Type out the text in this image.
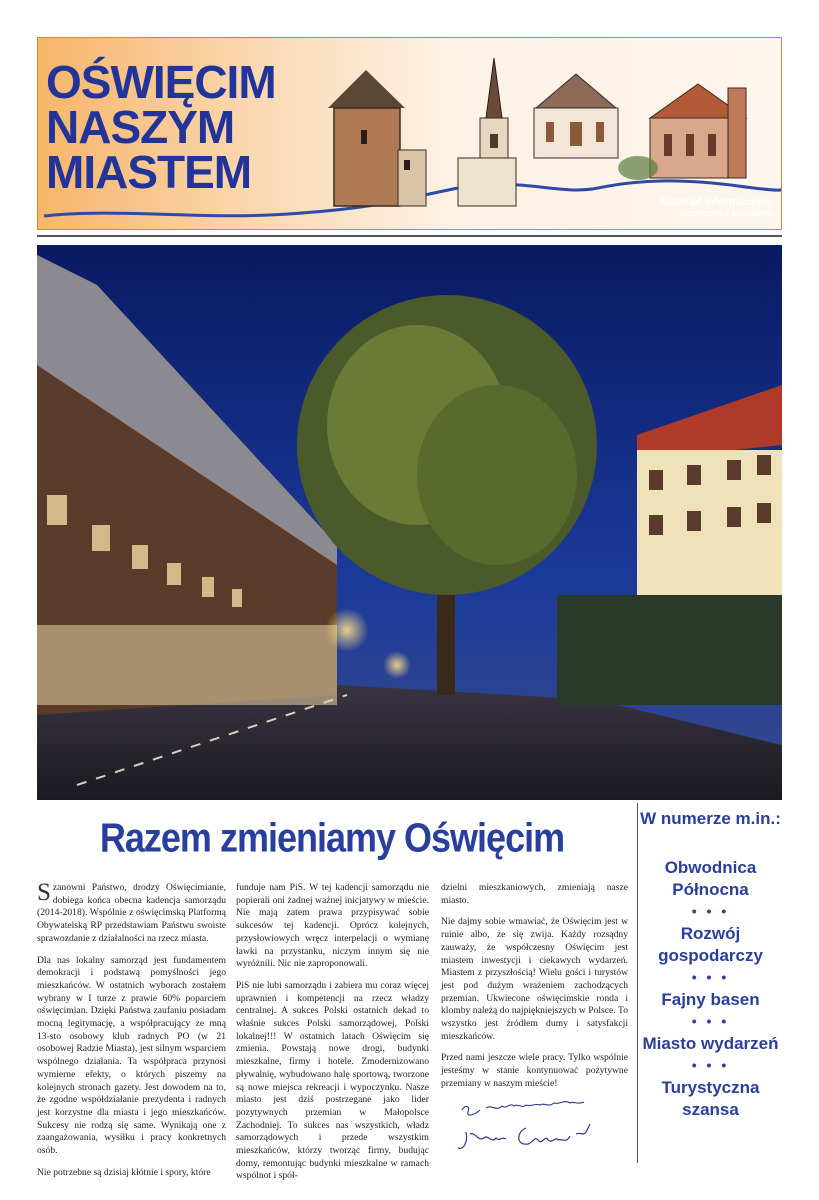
OŚWIĘCIM
NASZYM
MIASTEM
Materiał informacyjny
egzemplarz bezpłatny
Razem zmieniamy Oświęcim

Szanowni Państwo, drodzy Oświęcimianie, dobiega końca obecna kadencja samorządu (2014-2018). Wspólnie z oświęcimską Platformą Obywatelską RP przedstawiam Państwu swoiste sprawozdanie z działalności na rzecz miasta.

Dla nas lokalny samorząd jest fundamentem demokracji i podstawą pomyślności jego mieszkańców. W ostatnich wyborach zostałem wybrany w I turze z prawie 60% poparciem oświęcimian. Dzięki Państwa zaufaniu posiadam mocną legitymację, a współpracujący ze mną 13-sto osobowy klub radnych PO (w 21 osobowej Radzie Miasta), jest silnym wsparciem wspólnego działania. Ta współpraca przynosi wymierne efekty, o których piszemy na kolejnych stronach gazety. Jest dowodem na to, że zgodne współdziałanie prezydenta i radnych jest korzystne dla miasta i jego mieszkańców. Sukcesy nie rodzą się same. Wynikają one z zaangażowania, wysiłku i pracy konkretnych osób.

Nie potrzebne są dzisiaj kłótnie i spory, które

funduje nam PiS. W tej kadencji samorządu nie popierali oni żadnej ważnej inicjatywy w mieście. Nie mają zatem prawa przypisywać sobie sukcesów tej kadencji. Oprócz kolejnych, przysłowiowych wręcz interpelacji o wymianę ławki na przystanku, niczym innym się nie wyróżnili. Nic nie zaproponowali.

PiS nie lubi samorządu i zabiera mu coraz więcej uprawnień i kompetencji na rzecz władzy centralnej. A sukces Polski ostatnich dekad to właśnie sukces Polski samorządowej, Polski lokalnej!!! W ostatnich latach Oświęcim się zmienia. Powstają nowe drogi, budynki mieszkalne, firmy i hotele. Zmodernizowano pływalnię, wybudowano halę sportową, tworzone są nowe miejsca rekreacji i wypoczynku. Nasze miasto jest dziś postrzegane jako lider pozytywnych przemian w Małopolsce Zachodniej. To sukces nas wszystkich, władz samorządowych i przede wszystkim mieszkańców, którzy tworząc firmy, budując domy, remontując budynki mieszkalne w ramach wspólnot i spół-

dzielni mieszkaniowych, zmieniają nasze miasto.

Nie dajmy sobie wmawiać, że Oświęcim jest w ruinie albo, że się zwija. Każdy rozsądny zauważy, że współczesny Oświęcim jest miastem inwestycji i ciekawych wydarzeń. Miastem z przyszłością! Wielu gości i turystów jest pod dużym wrażeniem zachodzących przemian. Ukwiecone oświęcimskie ronda i klomby należą do najpiękniejszych w Polsce. To wszystko jest źródłem dumy i satysfakcji mieszkańców.

Przed nami jeszcze wiele pracy. Tylko wspólnie jesteśmy w stanie kontynuować pozytywne przemiany w naszym mieście!

W numerze m.in.:

Obwodnica Północna

• • •

Rozwój gospodarczy

• • •

Fajny basen

• • •

Miasto wydarzeń

• • •

Turystyczna szansa
